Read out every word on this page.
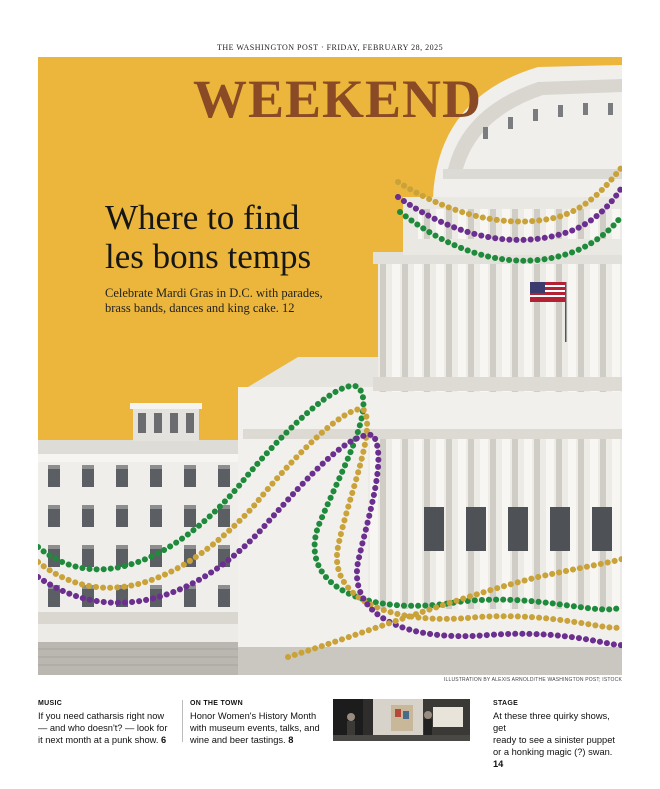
THE WASHINGTON POST · FRIDAY, FEBRUARY 28, 2025
WEEKEND
Where to find
les bons temps
Celebrate Mardi Gras in D.C. with parades,
brass bands, dances and king cake. 12
ILLUSTRATION BY ALEXIS ARNOLD/THE WASHINGTON POST; ISTOCK
MUSIC
If you need catharsis right now
— and who doesn't? — look for
it next month at a punk show. 6
ON THE TOWN
Honor Women's History Month
with museum events, talks, and
wine and beer tastings. 8
STAGE
At these three quirky shows, get
ready to see a sinister puppet
or a honking magic (?) swan. 14
